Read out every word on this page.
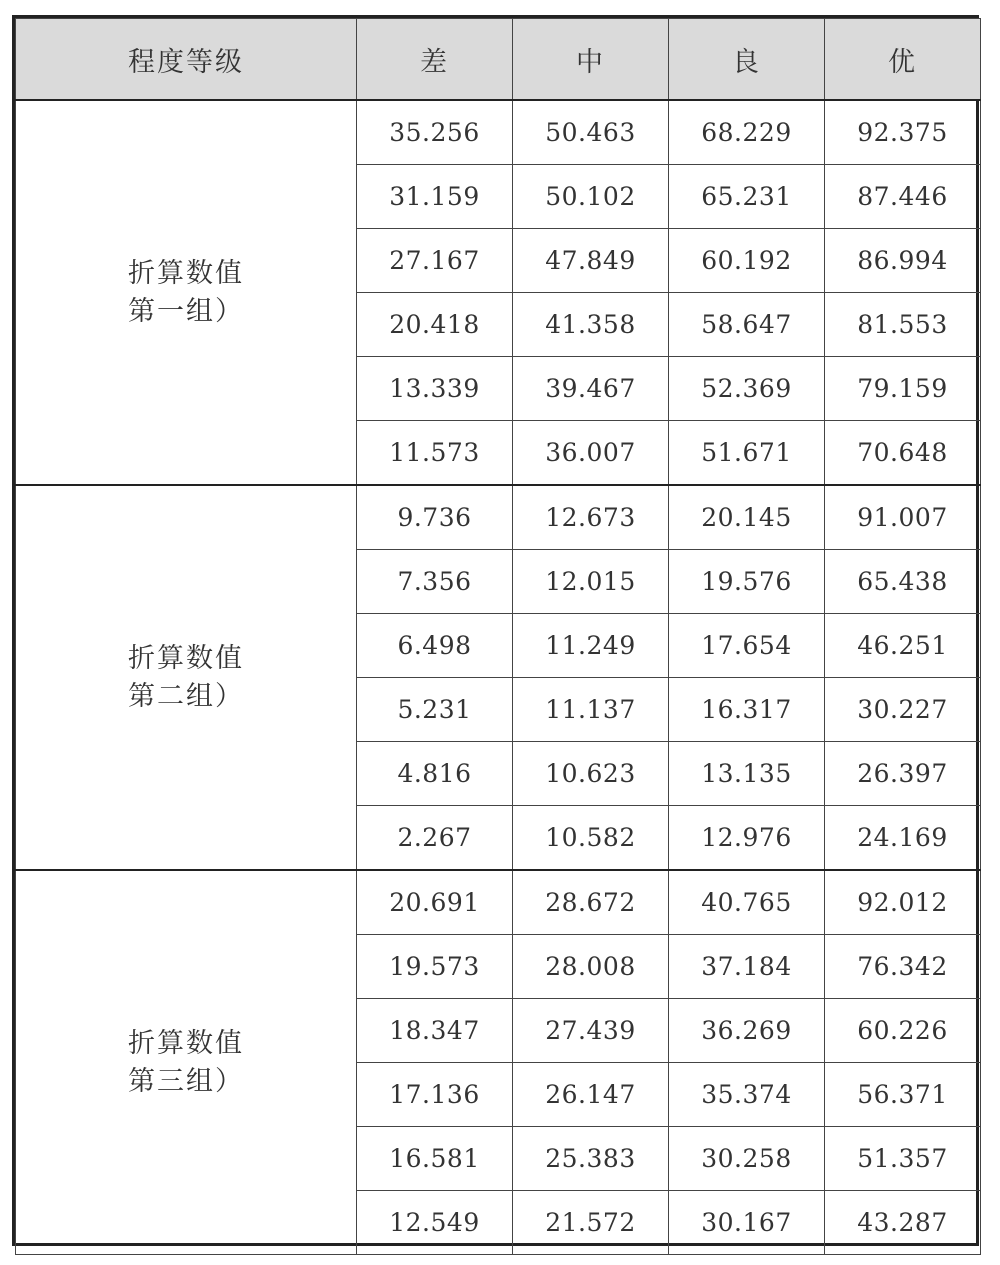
程度等级	差	中	良	优

折算数值
第一组）	35.256	50.463	68.229	92.375
	31.159	50.102	65.231	87.446
	27.167	47.849	60.192	86.994
	20.418	41.358	58.647	81.553
	13.339	39.467	52.369	79.159
	11.573	36.007	51.671	70.648

折算数值
第二组）	9.736	12.673	20.145	91.007
	7.356	12.015	19.576	65.438
	6.498	11.249	17.654	46.251
	5.231	11.137	16.317	30.227
	4.816	10.623	13.135	26.397
	2.267	10.582	12.976	24.169

折算数值
第三组）	20.691	28.672	40.765	92.012
	19.573	28.008	37.184	76.342
	18.347	27.439	36.269	60.226
	17.136	26.147	35.374	56.371
	16.581	25.383	30.258	51.357
	12.549	21.572	30.167	43.287
